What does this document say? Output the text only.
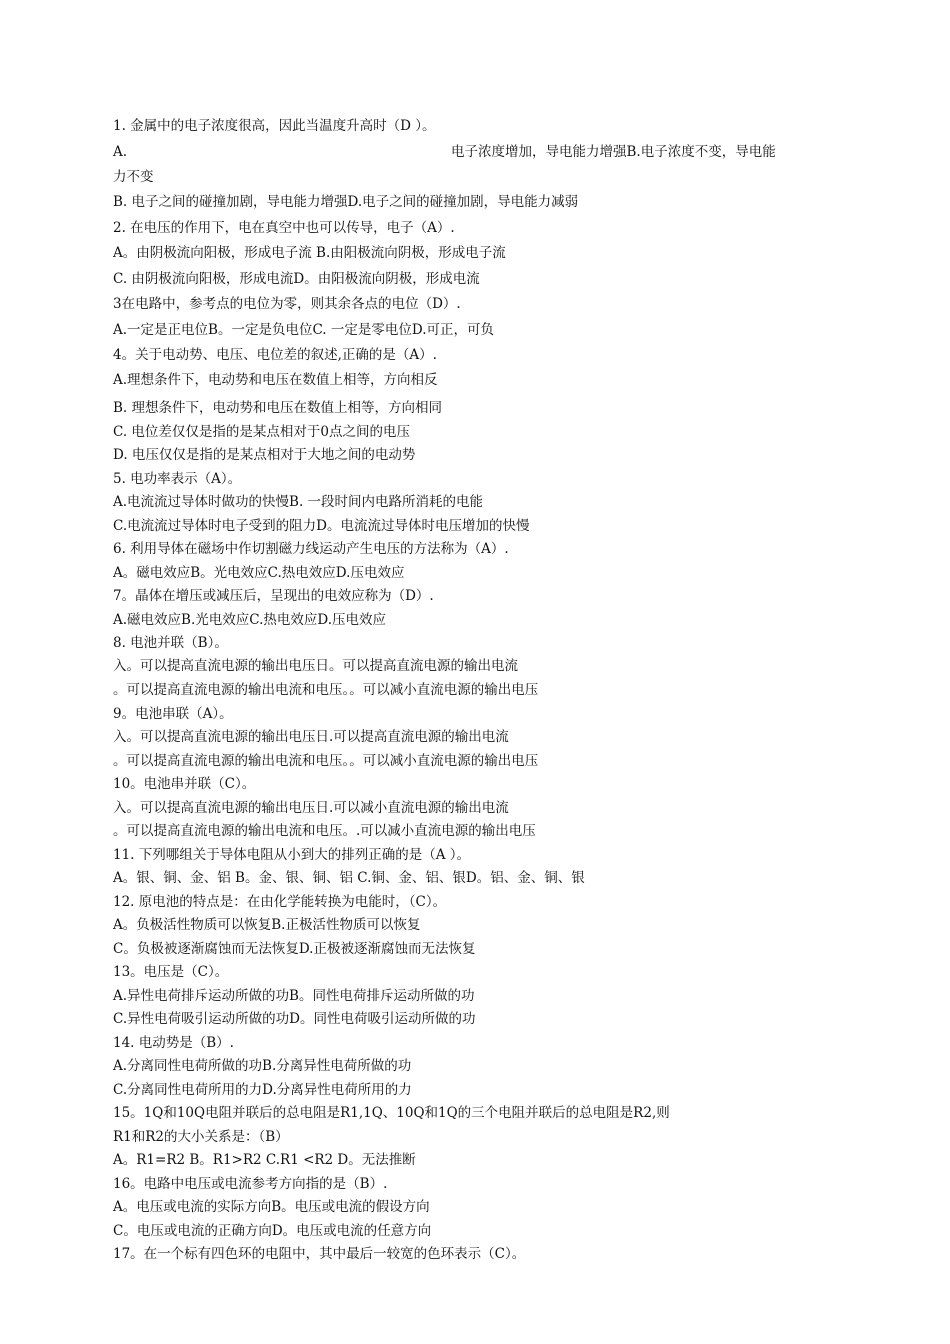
1. 金属中的电子浓度很高，因此当温度升高时（D ）。
A.	电子浓度增加，导电能力增强B.电子浓度不变，导电能
力不变
B. 电子之间的碰撞加剧，导电能力增强D.电子之间的碰撞加剧，导电能力减弱
2. 在电压的作用下，电在真空中也可以传导，电子（A）.
A。由阴极流向阳极，形成电子流 B.由阳极流向阴极，形成电子流
C. 由阴极流向阳极，形成电流D。由阳极流向阴极，形成电流
3在电路中，参考点的电位为零，则其余各点的电位（D）.
A.一定是正电位B。一定是负电位C. 一定是零电位D.可正，可负
4。关于电动势、电压、电位差的叙述,正确的是（A）.
A.理想条件下，电动势和电压在数值上相等，方向相反
B. 理想条件下，电动势和电压在数值上相等，方向相同
C. 电位差仅仅是指的是某点相对于0点之间的电压
D. 电压仅仅是指的是某点相对于大地之间的电动势
5. 电功率表示（A）。
A.电流流过导体时做功的快慢B. 一段时间内电路所消耗的电能
C.电流流过导体时电子受到的阻力D。电流流过导体时电压增加的快慢
6. 利用导体在磁场中作切割磁力线运动产生电压的方法称为（A）.
A。磁电效应B。光电效应C.热电效应D.压电效应
7。晶体在增压或减压后，呈现出的电效应称为（D）.
A.磁电效应B.光电效应C.热电效应D.压电效应
8. 电池并联（B）。
入。可以提高直流电源的输出电压日。可以提高直流电源的输出电流
。可以提高直流电源的输出电流和电压。。可以减小直流电源的输出电压
9。电池串联（A）。
入。可以提高直流电源的输出电压日.可以提高直流电源的输出电流
。可以提高直流电源的输出电流和电压。。可以减小直流电源的输出电压
10。电池串并联（C）。
入。可以提高直流电源的输出电压日.可以减小直流电源的输出电流
。可以提高直流电源的输出电流和电压。.可以减小直流电源的输出电压
11. 下列哪组关于导体电阻从小到大的排列正确的是（A ）。
A。银、铜、金、铝 B。金、银、铜、铝 C.铜、金、铝、银D。铝、金、铜、银
12. 原电池的特点是：在由化学能转换为电能时，（C）。
A。负极活性物质可以恢复B.正极活性物质可以恢复
C。负极被逐渐腐蚀而无法恢复D.正极被逐渐腐蚀而无法恢复
13。电压是（C）。
A.异性电荷排斥运动所做的功B。同性电荷排斥运动所做的功
C.异性电荷吸引运动所做的功D。同性电荷吸引运动所做的功
14. 电动势是（B）.
A.分离同性电荷所做的功B.分离异性电荷所做的功
C.分离同性电荷所用的力D.分离异性电荷所用的力
15。1Q和10Q电阻并联后的总电阻是R1,1Q、10Q和1Q的三个电阻并联后的总电阻是R2,则
R1和R2的大小关系是：（B）
A。R1=R2 B。R1>R2 C.R1 <R2 D。无法推断
16。电路中电压或电流参考方向指的是（B）.
A。电压或电流的实际方向B。电压或电流的假设方向
C。电压或电流的正确方向D。电压或电流的任意方向
17。在一个标有四色环的电阻中，其中最后一较宽的色环表示（C）。
